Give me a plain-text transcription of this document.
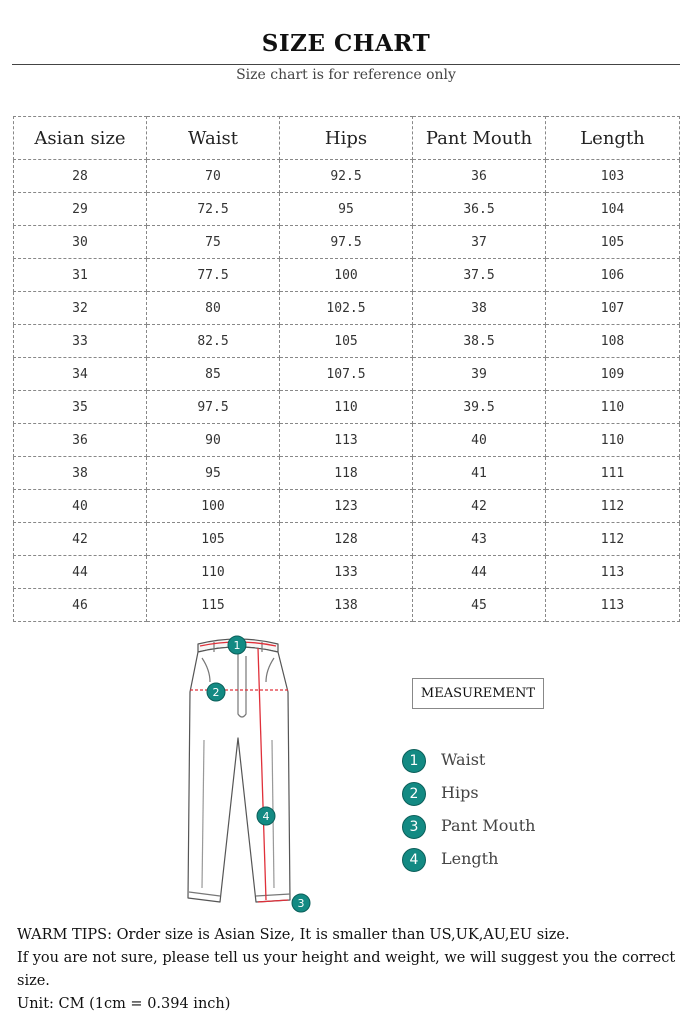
SIZE CHART
Size chart is for reference only
Asian size	Waist	Hips	Pant Mouth	Length
28	70	92.5	36	103
29	72.5	95	36.5	104
30	75	97.5	37	105
31	77.5	100	37.5	106
32	80	102.5	38	107
33	82.5	105	38.5	108
34	85	107.5	39	109
35	97.5	110	39.5	110
36	90	113	40	110
38	95	118	41	111
40	100	123	42	112
42	105	128	43	112
44	110	133	44	113
46	115	138	45	113
1
2
3
4
MEASUREMENT
1	Waist
2	Hips
3	Pant Mouth
4	Length

WARM TIPS: Order size is Asian Size, It is smaller than US,UK,AU,EU size.

If you are not sure, please tell us your height and weight, we will suggest you the correct size.

Unit: CM (1cm = 0.394 inch)
